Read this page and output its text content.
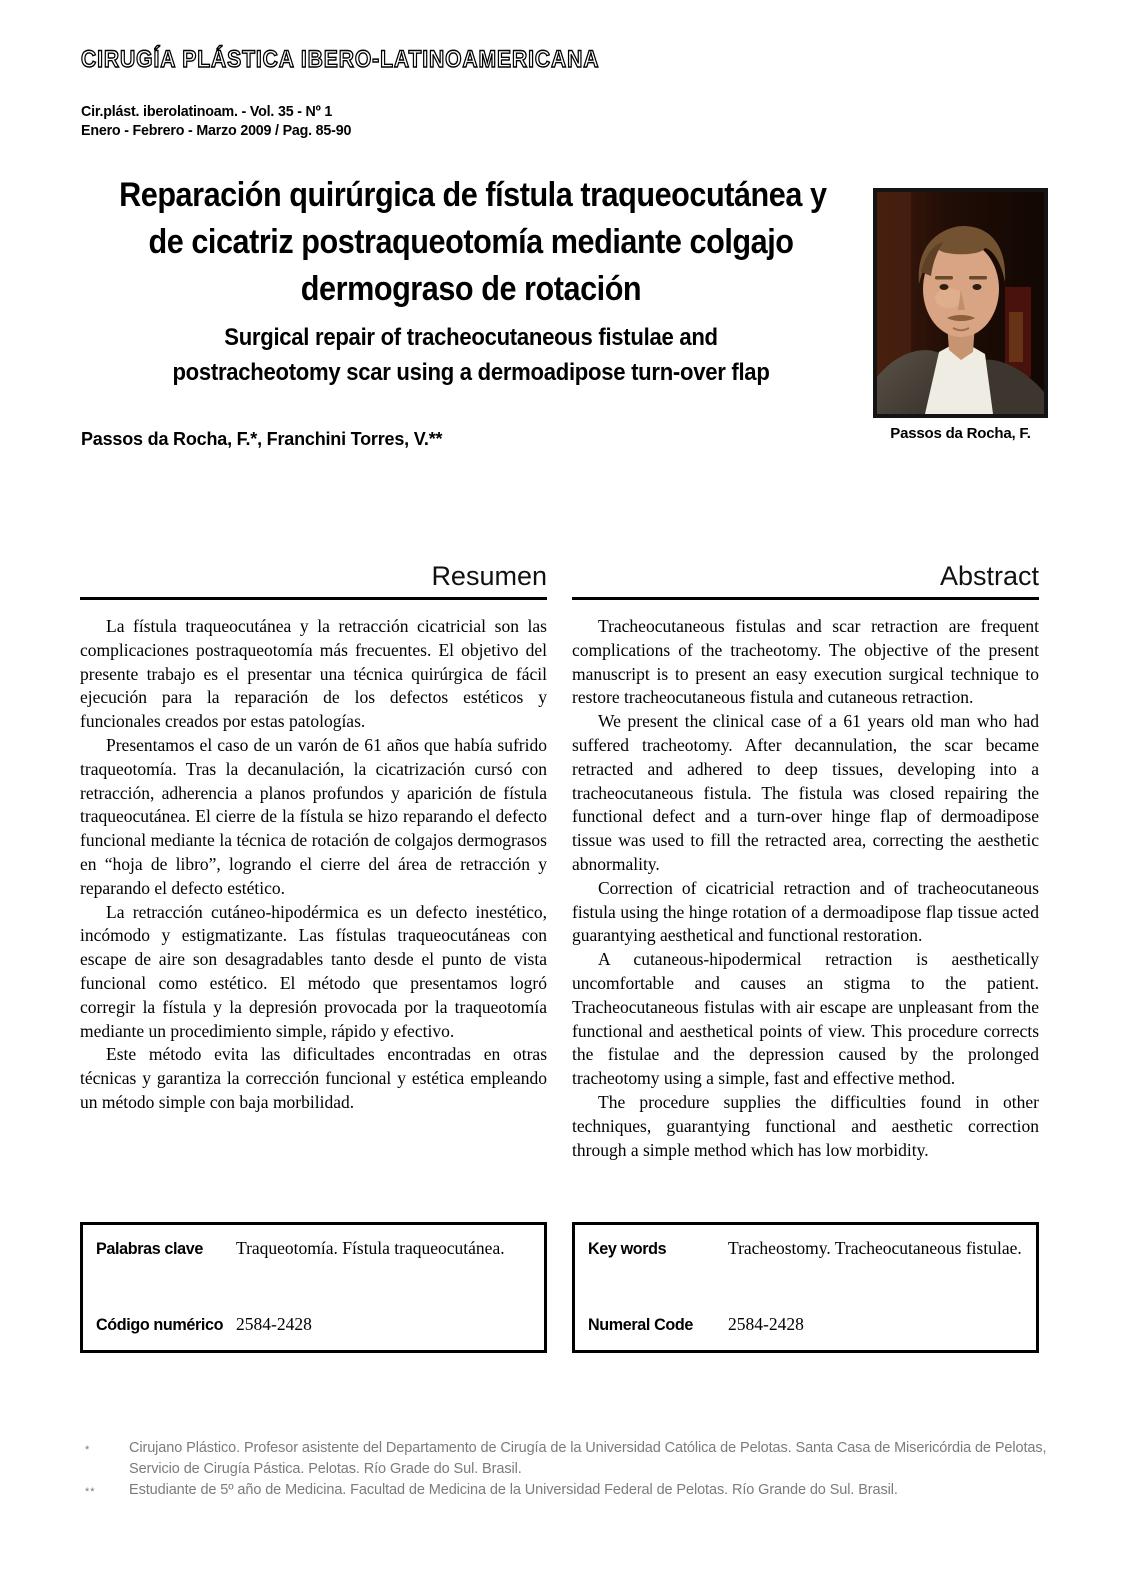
CIRUGÍA PLÁSTICA IBERO-LATINOAMERICANA
Cir.plást. iberolatinoam. - Vol. 35 - Nº 1
Enero - Febrero - Marzo 2009 / Pag. 85-90
Reparación quirúrgica de fístula traqueocutánea y
de cicatriz postraqueotomía mediante colgajo
dermograso de rotación
Surgical repair of tracheocutaneous fistulae and
postracheotomy scar using a dermoadipose turn-over flap
Passos da Rocha, F.
Passos da Rocha, F.*, Franchini Torres, V.**
Resumen

La fístula traqueocutánea y la retracción cicatricial son las complicaciones postraqueotomía más frecuentes. El objetivo del presente trabajo es el presentar una técnica quirúrgica de fácil ejecución para la reparación de los defectos estéticos y funcionales creados por estas patologías.

Presentamos el caso de un varón de 61 años que había sufrido traqueotomía. Tras la decanulación, la cicatrización cursó con retracción, adherencia a planos profundos y aparición de fístula traqueocutánea. El cierre de la fístula se hizo reparando el defecto funcional mediante la técnica de rotación de colgajos dermograsos en “hoja de libro”, logrando el cierre del área de retracción y reparando el defecto estético.

La retracción cutáneo-hipodérmica es un defecto inestético, incómodo y estigmatizante. Las fístulas traqueocutáneas con escape de aire son desagradables tanto desde el punto de vista funcional como estético. El método que presentamos logró corregir la fístula y la depresión provocada por la traqueotomía mediante un procedimiento simple, rápido y efectivo.

Este método evita las dificultades encontradas en otras técnicas y garantiza la corrección funcional y estética empleando un método simple con baja morbilidad.

Abstract

Tracheocutaneous fistulas and scar retraction are frequent complications of the tracheotomy. The objective of the present manuscript is to present an easy execution surgical technique to restore tracheocutaneous fistula and cutaneous retraction.

We present the clinical case of a 61 years old man who had suffered tracheotomy. After decannulation, the scar became retracted and adhered to deep tissues, developing into a tracheocutaneous fistula. The fistula was closed repairing the functional defect and a turn-over hinge flap of dermoadipose tissue was used to fill the retracted area, correcting the aesthetic abnormality.

Correction of cicatricial retraction and of tracheocutaneous fistula using the hinge rotation of a dermoadipose flap tissue acted guarantying aesthetical and functional restoration.

A cutaneous-hipodermical retraction is aesthetically uncomfortable and causes an stigma to the patient. Tracheocutaneous fistulas with air escape are unpleasant from the functional and aesthetical points of view. This procedure corrects the fistulae and the depression caused by the prolonged tracheotomy using a simple, fast and effective method.

The procedure supplies the difficulties found in other techniques, guarantying functional and aesthetic correction through a simple method which has low morbidity.

Palabras clave	Traqueotomía. Fístula traqueocutánea.
Código numérico 2584-2428
Key words	Tracheostomy. Tracheocutaneous fistulae.
Numeral Code	2584-2428
*	Cirujano Plástico. Profesor asistente del Departamento de Cirugía de la Universidad Católica de Pelotas. Santa Casa de Misericórdia de Pelotas, Servicio de Cirugía Pástica. Pelotas. Río Grade do Sul. Brasil.
**	Estudiante de 5º año de Medicina. Facultad de Medicina de la Universidad Federal de Pelotas. Río Grande do Sul. Brasil.
